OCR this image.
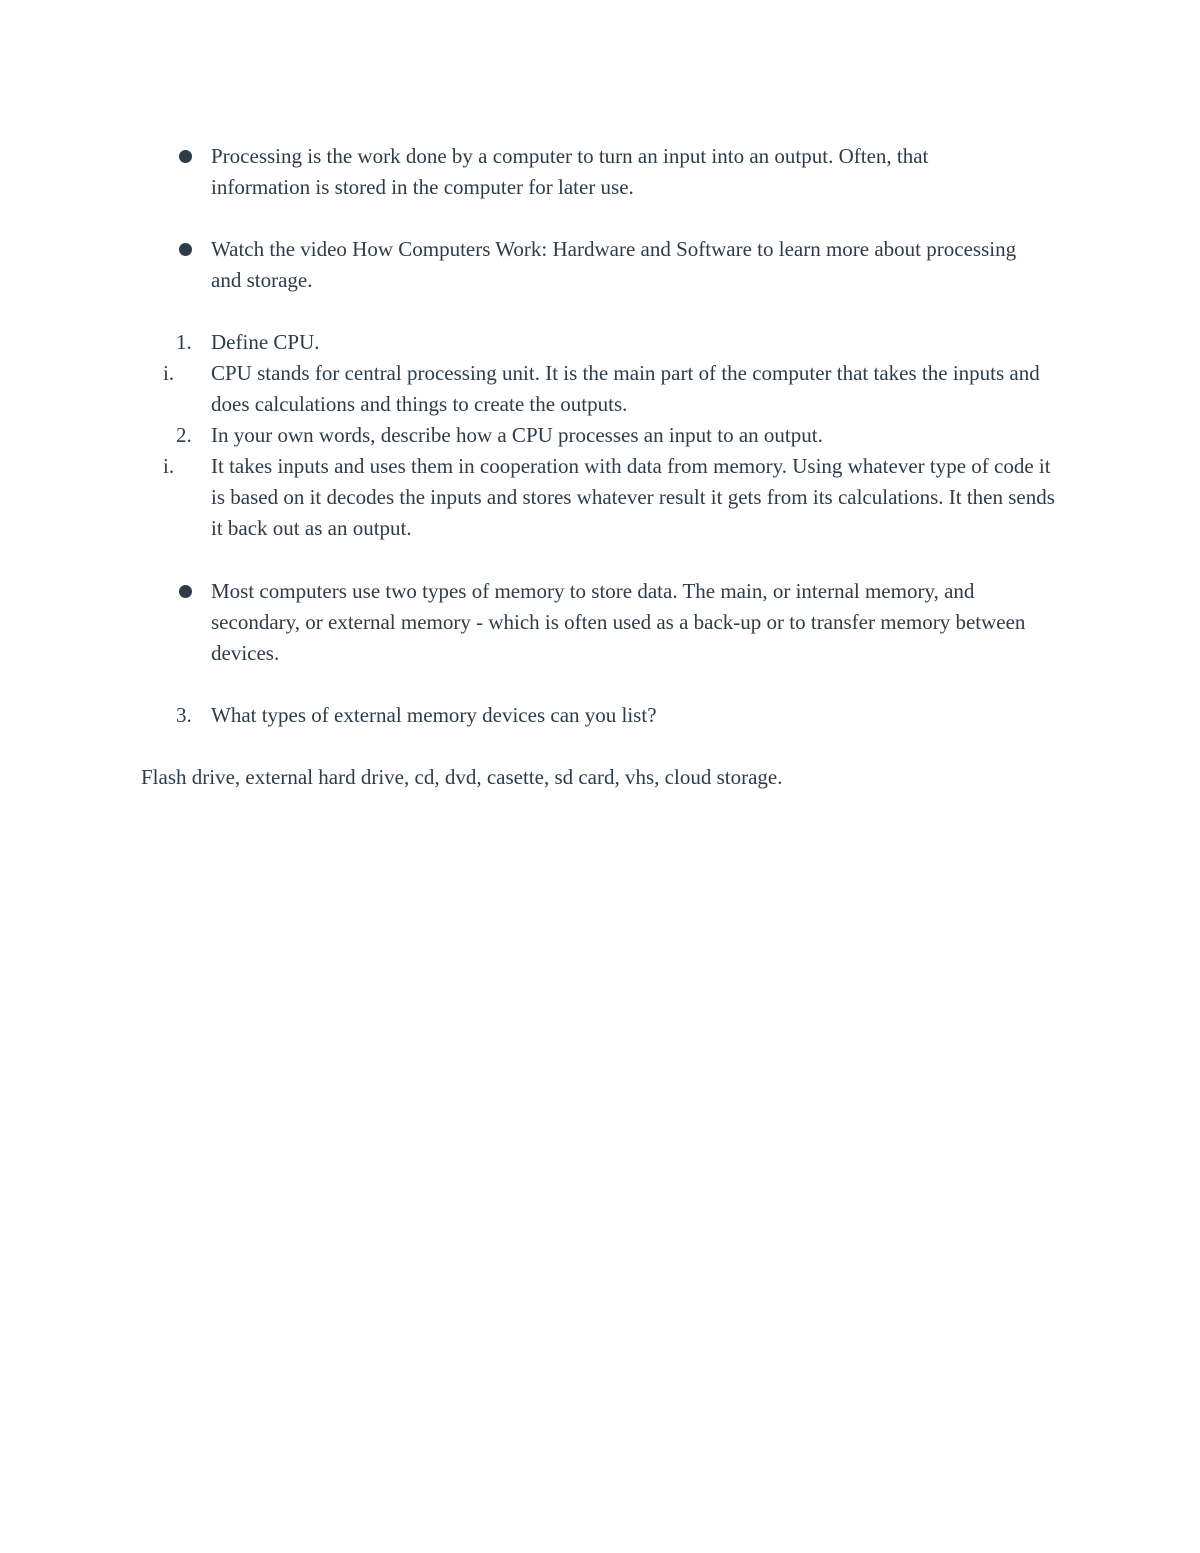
Processing is the work done by a computer to turn an input into an output. Often, that information is stored in the computer for later use.
Watch the video How Computers Work: Hardware and Software to learn more about processing and storage.
1. Define CPU.
i. CPU stands for central processing unit. It is the main part of the computer that takes the inputs and does calculations and things to create the outputs.
2. In your own words, describe how a CPU processes an input to an output.
i. It takes inputs and uses them in cooperation with data from memory. Using whatever type of code it is based on it decodes the inputs and stores whatever result it gets from its calculations. It then sends it back out as an output.
Most computers use two types of memory to store data. The main, or internal memory, and secondary, or external memory - which is often used as a back-up or to transfer memory between devices.
3. What types of external memory devices can you list?
Flash drive, external hard drive, cd, dvd, casette, sd card, vhs, cloud storage.
